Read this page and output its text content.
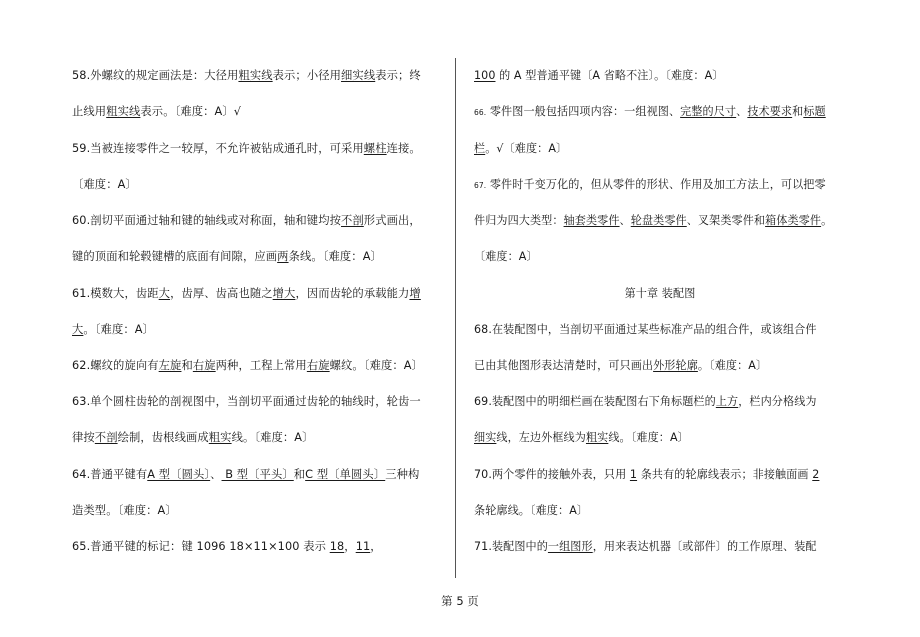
58.外螺纹的规定画法是：大径用粗实线表示；小径用细实线表示；终
止线用粗实线表示。〔难度：A〕√
59.当被连接零件之一较厚，不允许被钻成通孔时，可采用螺柱连接。
〔难度：A〕
60.剖切平面通过轴和键的轴线或对称面，轴和键均按不剖形式画出，
键的顶面和轮毂键槽的底面有间隙，应画两条线。〔难度：A〕
61.模数大，齿距大，齿厚、齿高也随之增大，因而齿轮的承载能力增
大。〔难度：A〕
62.螺纹的旋向有左旋和右旋两种，工程上常用右旋螺纹。〔难度：A〕
63.单个圆柱齿轮的剖视图中，当剖切平面通过齿轮的轴线时，轮齿一
律按不剖绘制，齿根线画成粗实线。〔难度：A〕
64.普通平键有A 型〔圆头〕、 B 型〔平头〕和C 型〔单圆头〕三种构
造类型。〔难度：A〕
65.普通平键的标记：键 1096 18×11×100 表示 18，11，
100 的 A 型普通平键〔A 省略不注〕。〔难度：A〕
66. 零件图一般包括四项内容：一组视图、完整的尺寸、技术要求和标题
栏。√〔难度：A〕
67. 零件时千变万化的，但从零件的形状、作用及加工方法上，可以把零
件归为四大类型：轴套类零件、轮盘类零件、叉架类零件和箱体类零件。
〔难度：A〕
第十章 装配图
68.在装配图中，当剖切平面通过某些标准产品的组合件，或该组合件
已由其他图形表达清楚时，可只画出外形轮廓。〔难度：A〕
69.装配图中的明细栏画在装配图右下角标题栏的上方，栏内分格线为
细实线，左边外框线为粗实线。〔难度：A〕
70.两个零件的接触外表，只用 1 条共有的轮廓线表示；非接触面画 2
条轮廓线。〔难度：A〕
71.装配图中的一组图形，用来表达机器〔或部件〕的工作原理、装配
第 5 页
